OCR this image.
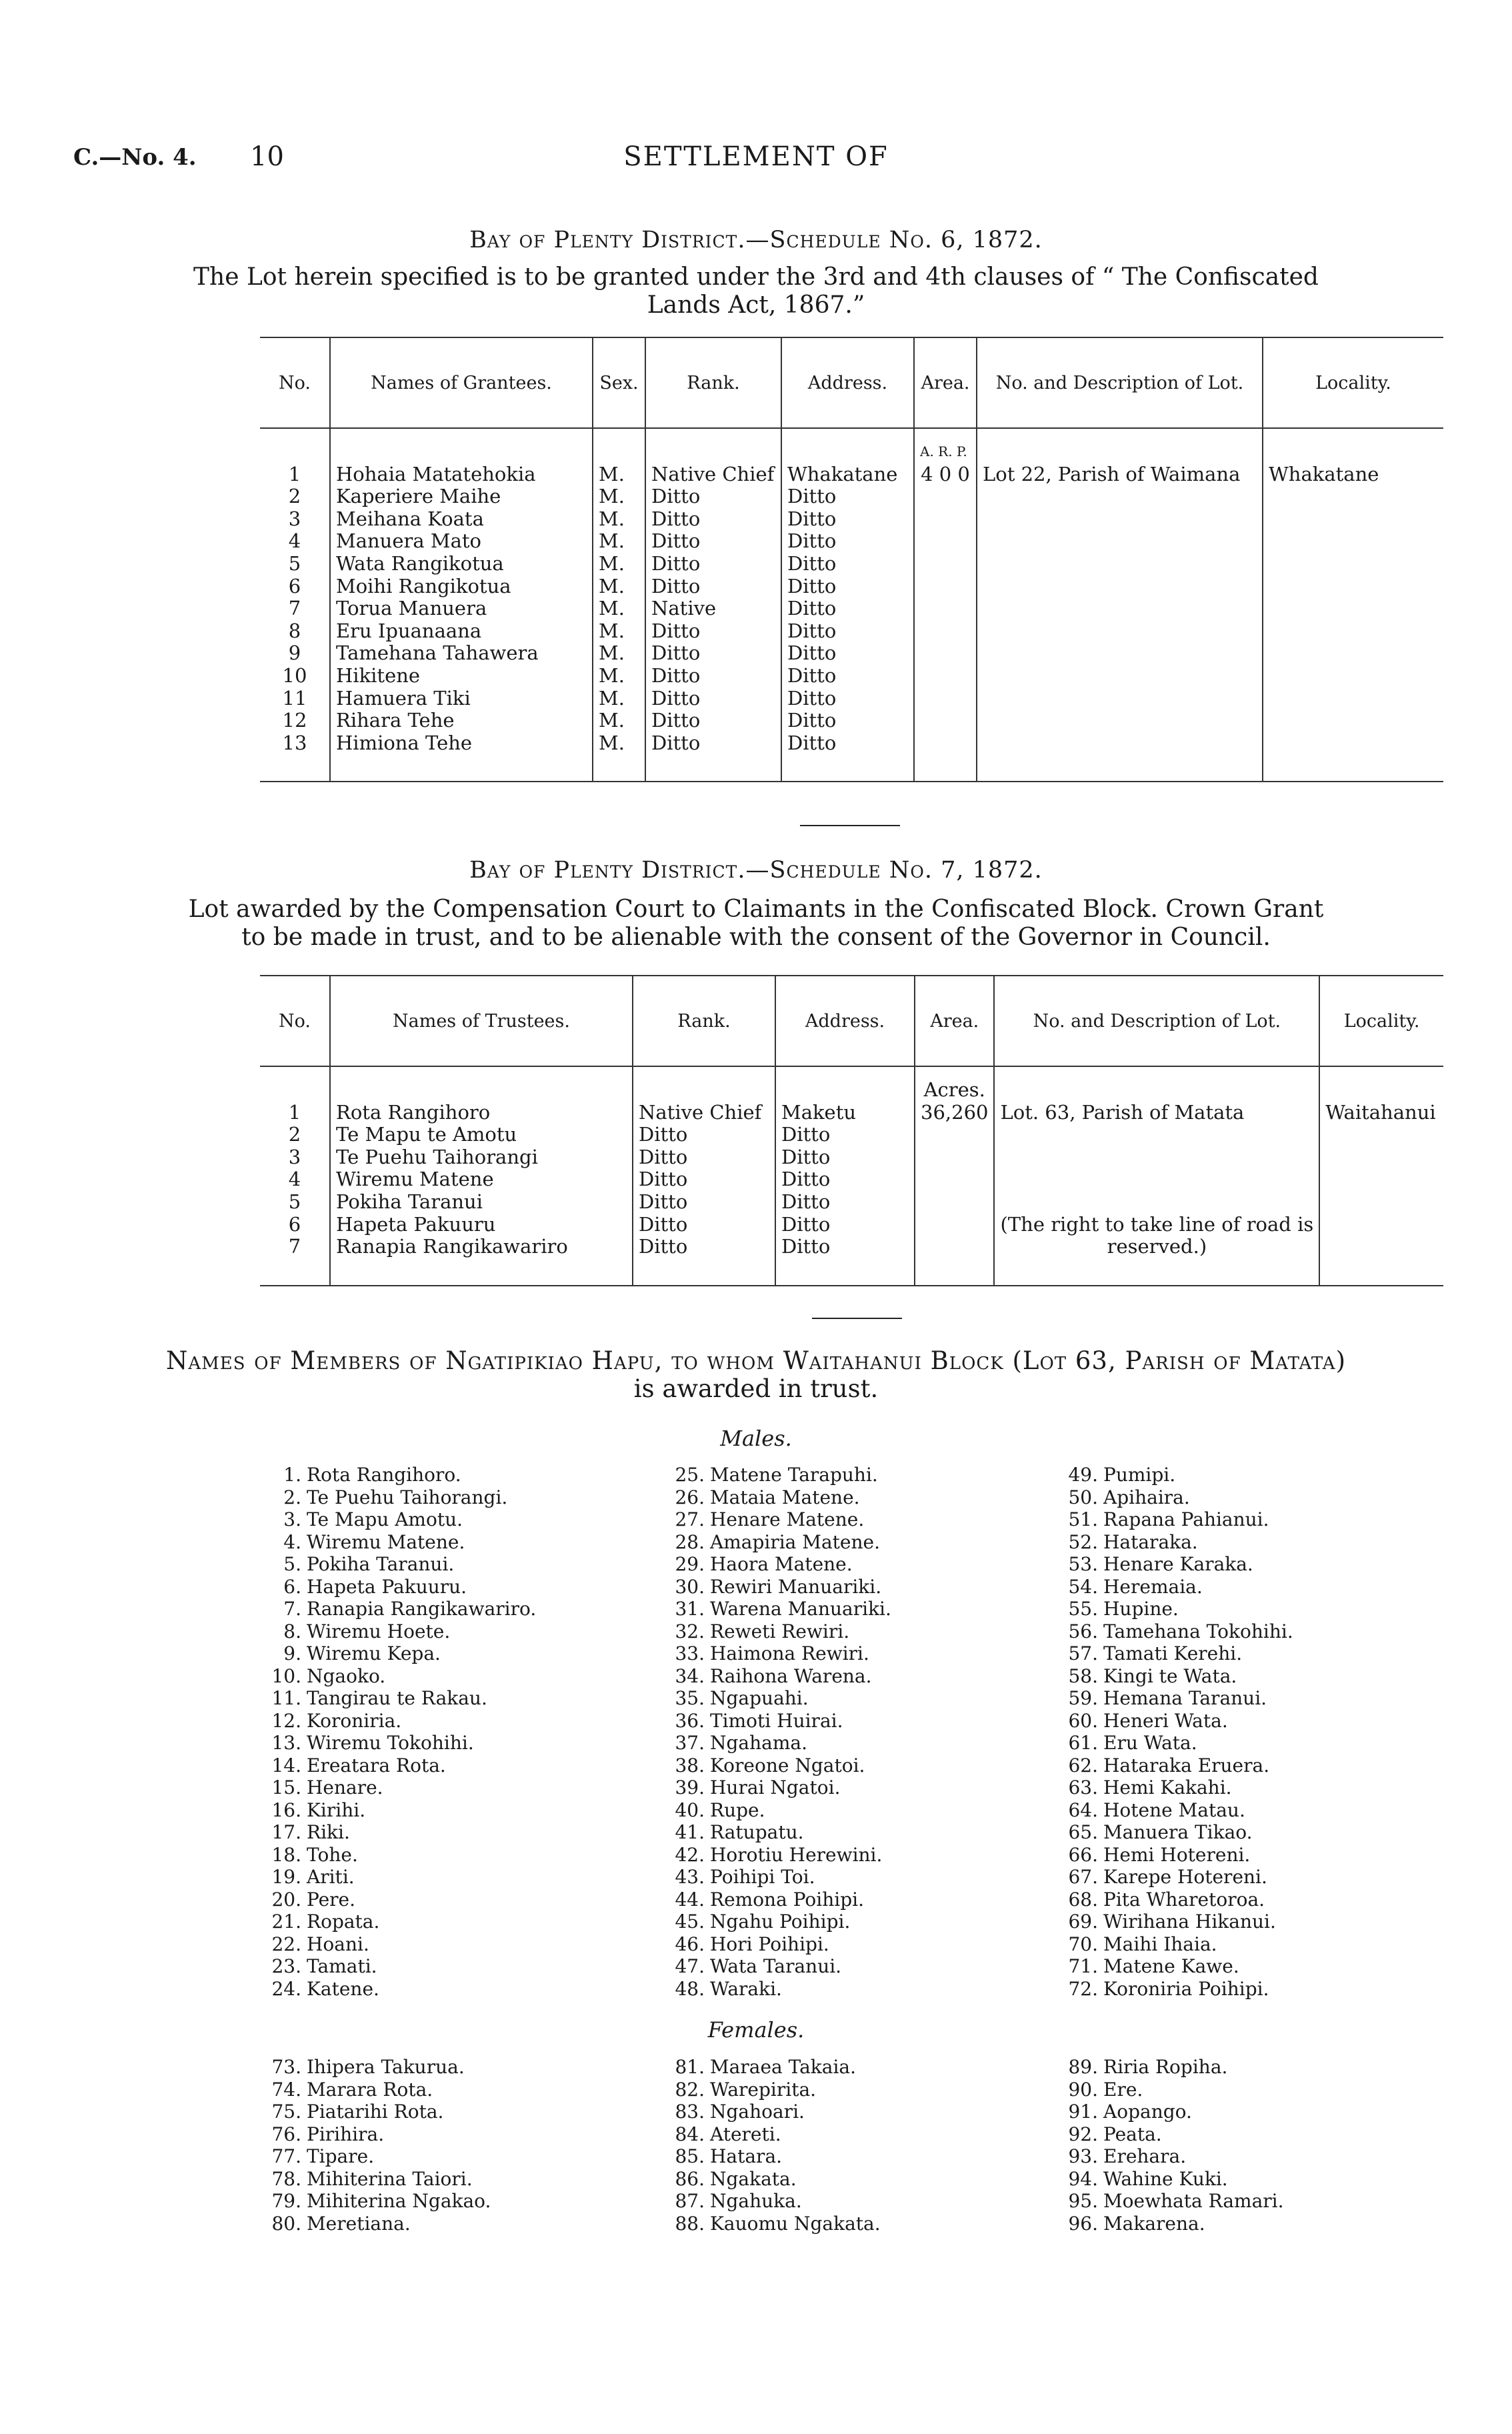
C.—No. 4. 10	SETTLEMENT OF
Bay of Plenty District.—Schedule No. 6, 1872.
The Lot herein specified is to be granted under the 3rd and 4th clauses of “ The Confiscated
Lands Act, 1867.”
No.	Names of Grantees.	Sex.	Rank.	Address.	Area.	No. and Description of Lot.	Locality.
					A. R. P.		
1	Hohaia Matatehokia	M.	Native Chief	Whakatane	4 0 0	Lot 22, Parish of Waimana	Whakatane
2	Kaperiere Maihe	M.	Ditto	Ditto			
3	Meihana Koata	M.	Ditto	Ditto			
4	Manuera Mato	M.	Ditto	Ditto			
5	Wata Rangikotua	M.	Ditto	Ditto			
6	Moihi Rangikotua	M.	Ditto	Ditto			
7	Torua Manuera	M.	Native	Ditto			
8	Eru Ipuanaana	M.	Ditto	Ditto			
9	Tamehana Tahawera	M.	Ditto	Ditto			
10	Hikitene	M.	Ditto	Ditto			
11	Hamuera Tiki	M.	Ditto	Ditto			
12	Rihara Tehe	M.	Ditto	Ditto			
13	Himiona Tehe	M.	Ditto	Ditto			

Bay of Plenty District.—Schedule No. 7, 1872.
Lot awarded by the Compensation Court to Claimants in the Confiscated Block. Crown Grant
to be made in trust, and to be alienable with the consent of the Governor in Council.
No.	Names of Trustees.	Rank.	Address.	Area.	No. and Description of Lot.	Locality.
				Acres.		
1	Rota Rangihoro	Native Chief	Maketu	36,260	Lot. 63, Parish of Matata	Waitahanui
2	Te Mapu te Amotu	Ditto	Ditto			
3	Te Puehu Taihorangi	Ditto	Ditto			
4	Wiremu Matene	Ditto	Ditto			
5	Pokiha Taranui	Ditto	Ditto			
6	Hapeta Pakuuru	Ditto	Ditto		(The right to take line of road is	
7	Ranapia Rangikawariro	Ditto	Ditto		reserved.)	

Names of Members of Ngatipikiao Hapu, to whom Waitahanui Block (Lot 63, Parish of Matata)
is awarded in trust.
Males.
1. Rota Rangihoro.
2. Te Puehu Taihorangi.
3. Te Mapu Amotu.
4. Wiremu Matene.
5. Pokiha Taranui.
6. Hapeta Pakuuru.
7. Ranapia Rangikawariro.
8. Wiremu Hoete.
9. Wiremu Kepa.
10. Ngaoko.
11. Tangirau te Rakau.
12. Koroniria.
13. Wiremu Tokohihi.
14. Ereatara Rota.
15. Henare.
16. Kirihi.
17. Riki.
18. Tohe.
19. Ariti.
20. Pere.
21. Ropata.
22. Hoani.
23. Tamati.
24. Katene.
25. Matene Tarapuhi.
26. Mataia Matene.
27. Henare Matene.
28. Amapiria Matene.
29. Haora Matene.
30. Rewiri Manuariki.
31. Warena Manuariki.
32. Reweti Rewiri.
33. Haimona Rewiri.
34. Raihona Warena.
35. Ngapuahi.
36. Timoti Huirai.
37. Ngahama.
38. Koreone Ngatoi.
39. Hurai Ngatoi.
40. Rupe.
41. Ratupatu.
42. Horotiu Herewini.
43. Poihipi Toi.
44. Remona Poihipi.
45. Ngahu Poihipi.
46. Hori Poihipi.
47. Wata Taranui.
48. Waraki.
49. Pumipi.
50. Apihaira.
51. Rapana Pahianui.
52. Hataraka.
53. Henare Karaka.
54. Heremaia.
55. Hupine.
56. Tamehana Tokohihi.
57. Tamati Kerehi.
58. Kingi te Wata.
59. Hemana Taranui.
60. Heneri Wata.
61. Eru Wata.
62. Hataraka Eruera.
63. Hemi Kakahi.
64. Hotene Matau.
65. Manuera Tikao.
66. Hemi Hotereni.
67. Karepe Hotereni.
68. Pita Wharetoroa.
69. Wirihana Hikanui.
70. Maihi Ihaia.
71. Matene Kawe.
72. Koroniria Poihipi.
Females.
73. Ihipera Takurua.
74. Marara Rota.
75. Piatarihi Rota.
76. Pirihira.
77. Tipare.
78. Mihiterina Taiori.
79. Mihiterina Ngakao.
80. Meretiana.
81. Maraea Takaia.
82. Warepirita.
83. Ngahoari.
84. Atereti.
85. Hatara.
86. Ngakata.
87. Ngahuka.
88. Kauomu Ngakata.
89. Riria Ropiha.
90. Ere.
91. Aopango.
92. Peata.
93. Erehara.
94. Wahine Kuki.
95. Moewhata Ramari.
96. Makarena.
